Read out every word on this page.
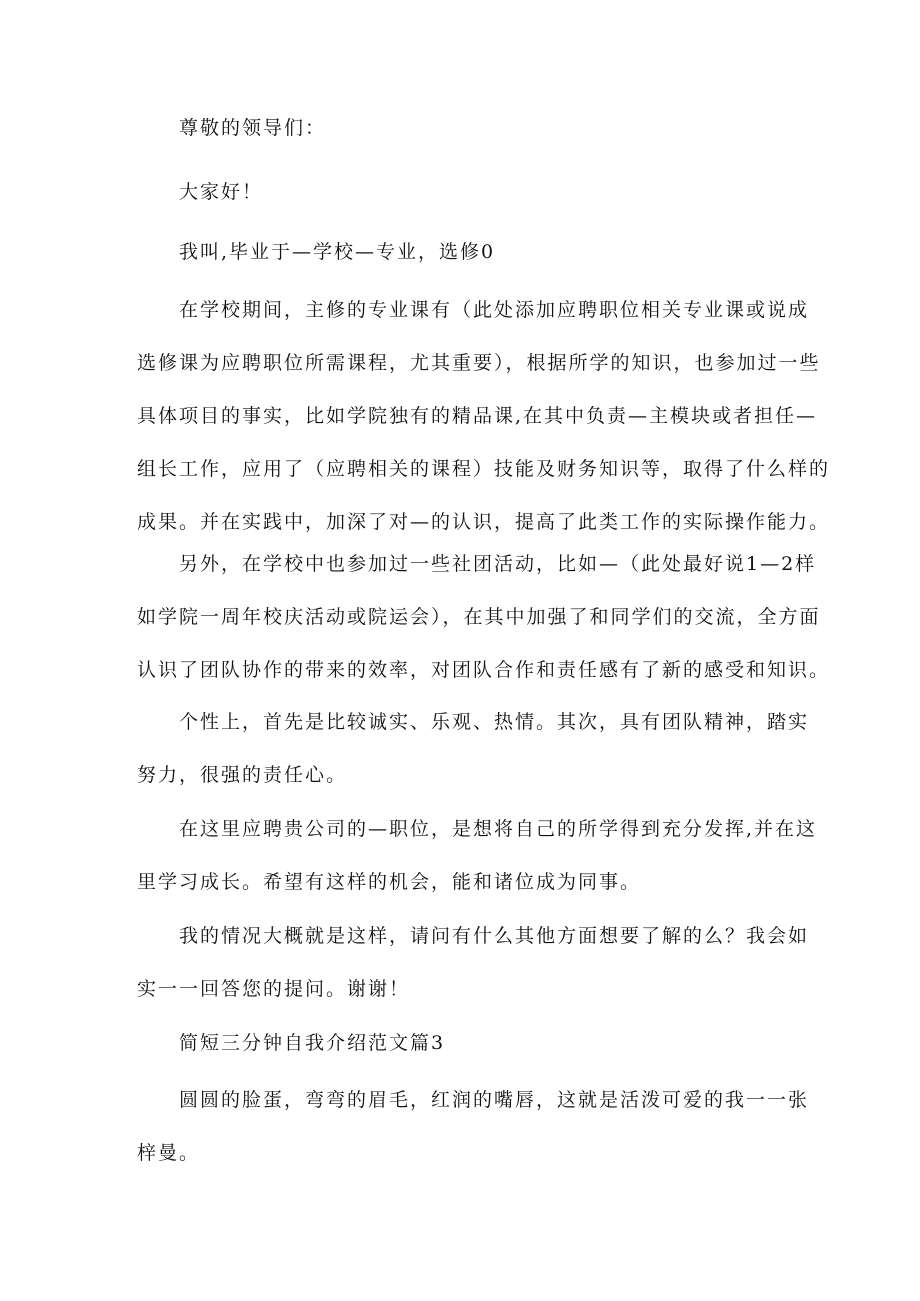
尊敬的领导们：
大家好！
我叫,毕业于—学校—专业，选修0
在学校期间，主修的专业课有（此处添加应聘职位相关专业课或说成
选修课为应聘职位所需课程，尤其重要），根据所学的知识，也参加过一些
具体项目的事实，比如学院独有的精品课,在其中负责—主模块或者担任—
组长工作，应用了（应聘相关的课程）技能及财务知识等，取得了什么样的
成果。并在实践中，加深了对—的认识，提高了此类工作的实际操作能力。
另外，在学校中也参加过一些社团活动，比如—（此处最好说1—2样
如学院一周年校庆活动或院运会），在其中加强了和同学们的交流，全方面
认识了团队协作的带来的效率，对团队合作和责任感有了新的感受和知识。
个性上，首先是比较诚实、乐观、热情。其次，具有团队精神，踏实
努力，很强的责任心。
在这里应聘贵公司的—职位，是想将自己的所学得到充分发挥,并在这
里学习成长。希望有这样的机会，能和诸位成为同事。
我的情况大概就是这样，请问有什么其他方面想要了解的么？我会如
实一一回答您的提问。谢谢！
简短三分钟自我介绍范文篇3
圆圆的脸蛋，弯弯的眉毛，红润的嘴唇，这就是活泼可爱的我一一张
梓曼。
